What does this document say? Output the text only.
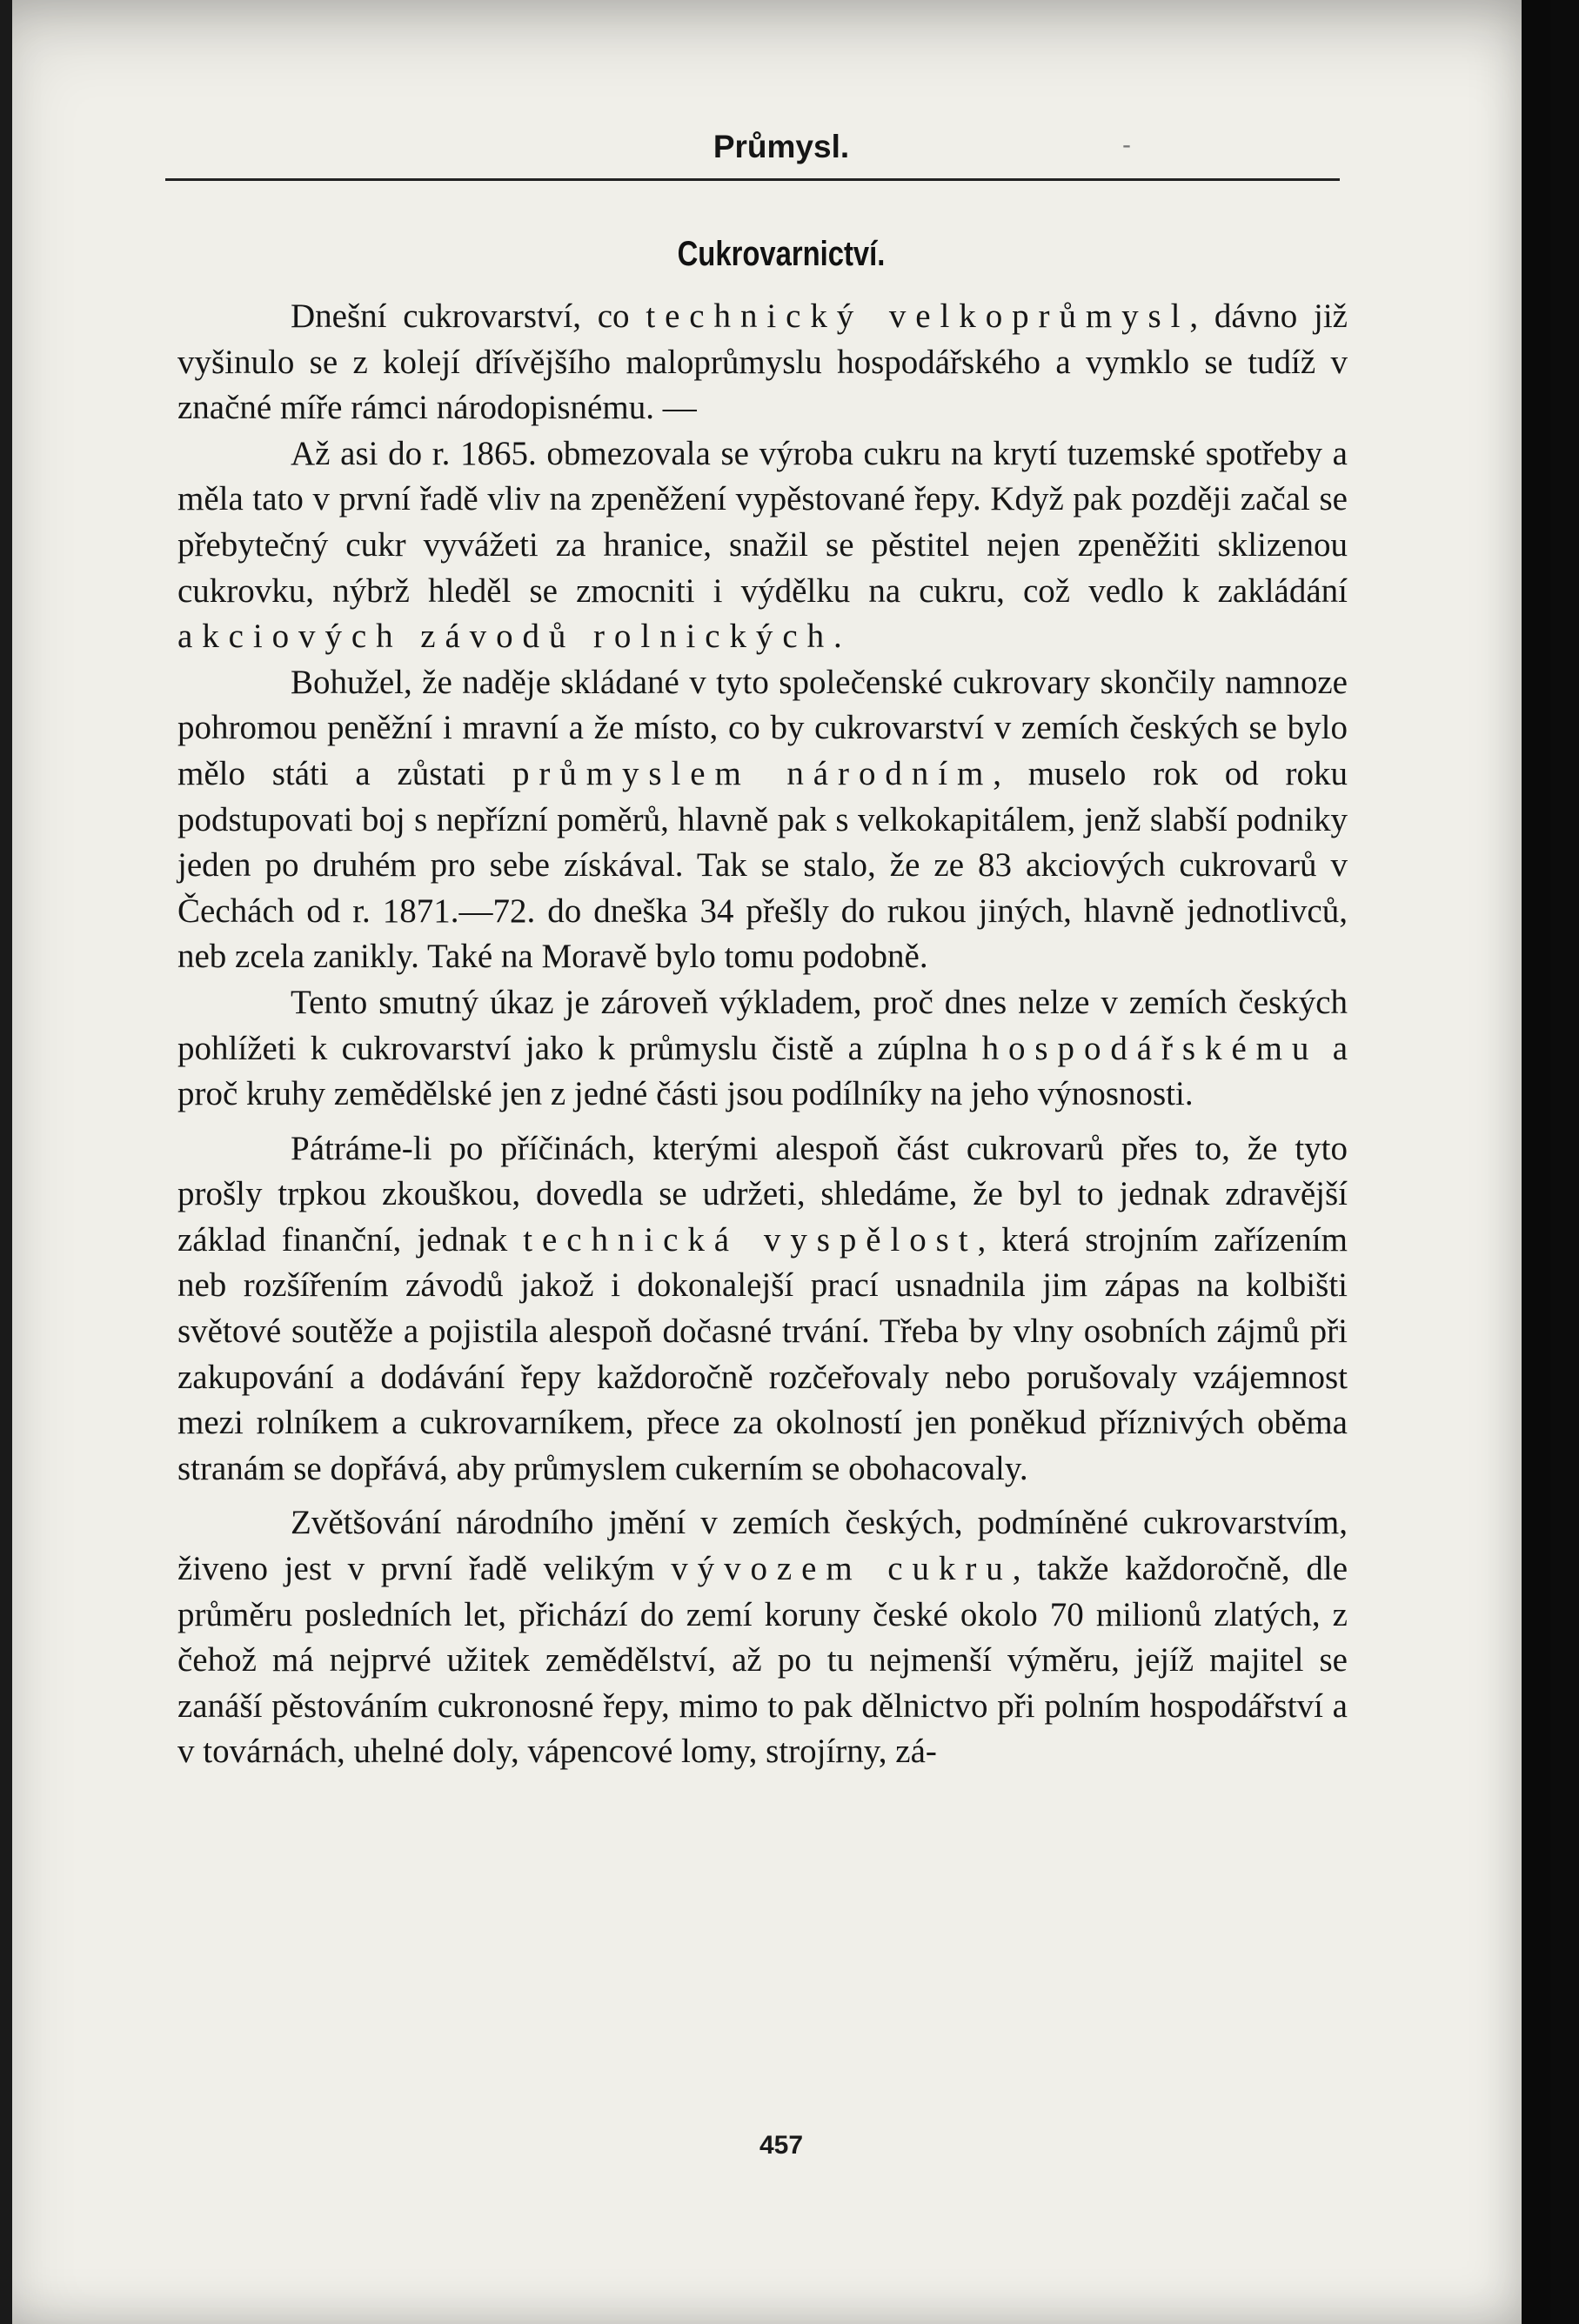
Průmysl.	-
Cukrovarnictví.

Dnešní cukrovarství, co technický velkoprůmysl, dávno již vyšinulo se z kolejí dřívějšího maloprůmyslu hospodářského a vymklo se tudíž v značné míře rámci národopisnému. —

Až asi do r. 1865. obmezovala se výroba cukru na krytí tuzemské spotřeby a měla tato v první řadě vliv na zpeněžení vypěstované řepy. Když pak později začal se přebytečný cukr vyvážeti za hranice, snažil se pěstitel nejen zpeněžiti sklizenou cukrovku, nýbrž hleděl se zmocniti i výdělku na cukru, což vedlo k zakládání akciových závodů rolnických.

Bohužel, že naděje skládané v tyto společenské cukrovary skončily namnoze pohromou peněžní i mravní a že místo, co by cukrovarství v zemích českých se bylo mělo státi a zůstati průmyslem národním, muselo rok od roku podstupovati boj s nepřízní poměrů, hlavně pak s velkokapitálem, jenž slabší podniky jeden po druhém pro sebe získával. Tak se stalo, že ze 83 akciových cukrovarů v Čechách od r. 1871.—72. do dneška 34 přešly do rukou jiných, hlavně jednotlivců, neb zcela zanikly. Také na Moravě bylo tomu podobně.

Tento smutný úkaz je zároveň výkladem, proč dnes nelze v zemích českých pohlížeti k cukrovarství jako k průmyslu čistě a zúplna hospodářskému a proč kruhy zemědělské jen z jedné části jsou podílníky na jeho výnosnosti.

Pátráme-li po příčinách, kterými alespoň část cukrovarů přes to, že tyto prošly trpkou zkouškou, dovedla se udržeti, shledáme, že byl to jednak zdravější základ finanční, jednak technická vyspělost, která strojním zařízením neb rozšířením závodů jakož i dokonalejší prací usnadnila jim zápas na kolbišti světové soutěže a pojistila alespoň dočasné trvání. Třeba by vlny osobních zájmů při zakupování a dodávání řepy každoročně rozčeřovaly nebo porušovaly vzájemnost mezi rolníkem a cukrovarníkem, přece za okolností jen poněkud příznivých oběma stranám se dopřává, aby průmyslem cukerním se obohacovaly.

Zvětšování národního jmění v zemích českých, podmíněné cukrovarstvím, živeno jest v první řadě velikým vývozem cukru, takže každoročně, dle průměru posledních let, přichází do zemí koruny české okolo 70 milionů zlatých, z čehož má nejprvé užitek zemědělství, až po tu nejmenší výměru, jejíž majitel se zanáší pěstováním cukronosné řepy, mimo to pak dělnictvo při polním hospodářství a v továrnách, uhelné doly, vápencové lomy, strojírny, zá-

457
